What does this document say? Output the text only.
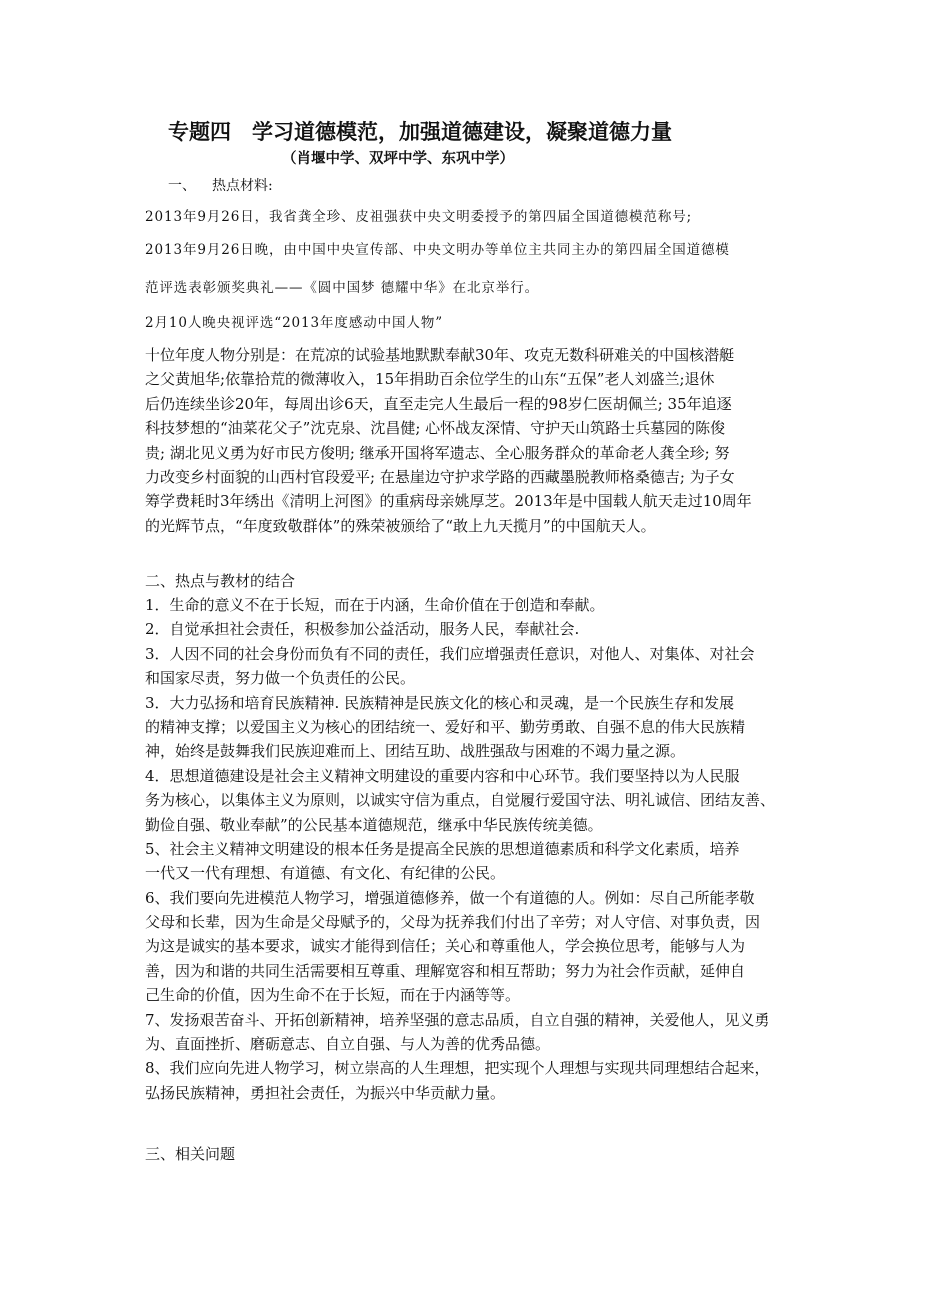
专题四　学习道德模范，加强道德建设，凝聚道德力量
（肖堰中学、双坪中学、东巩中学）
一、 热点材料:
2013年9月26日，我省龚全珍、皮祖强获中央文明委授予的第四届全国道德模范称号;
2013年9月26日晚，由中国中央宣传部、中央文明办等单位主共同主办的第四届全国道德模
范评选表彰颁奖典礼——《圆中国梦 德耀中华》在北京举行。
2月10人晚央视评选“2013年度感动中国人物”
十位年度人物分别是：在荒凉的试验基地默默奉献30年、攻克无数科研难关的中国核潜艇
之父黄旭华;依靠拾荒的微薄收入，15年捐助百余位学生的山东“五保”老人刘盛兰;退休
后仍连续坐诊20年，每周出诊6天，直至走完人生最后一程的98岁仁医胡佩兰; 35年追逐
科技梦想的“油菜花父子”沈克泉、沈昌健; 心怀战友深情、守护天山筑路士兵墓园的陈俊
贵; 湖北见义勇为好市民方俊明; 继承开国将军遗志、全心服务群众的革命老人龚全珍; 努
力改变乡村面貌的山西村官段爱平; 在悬崖边守护求学路的西藏墨脱教师格桑德吉; 为子女
筹学费耗时3年绣出《清明上河图》的重病母亲姚厚芝。2013年是中国载人航天走过10周年
的光辉节点，“年度致敬群体”的殊荣被颁给了“敢上九天揽月”的中国航天人。
二、热点与教材的结合
1．生命的意义不在于长短，而在于内涵，生命价值在于创造和奉献。
2．自觉承担社会责任，积极参加公益活动，服务人民，奉献社会.
3．人因不同的社会身份而负有不同的责任，我们应增强责任意识，对他人、对集体、对社会
和国家尽责，努力做一个负责任的公民。
3．大力弘扬和培育民族精神. 民族精神是民族文化的核心和灵魂，是一个民族生存和发展
的精神支撑；以爱国主义为核心的团结统一、爱好和平、勤劳勇敢、自强不息的伟大民族精
神，始终是鼓舞我们民族迎难而上、团结互助、战胜强敌与困难的不竭力量之源。
4．思想道德建设是社会主义精神文明建设的重要内容和中心环节。我们要坚持以为人民服
务为核心，以集体主义为原则，以诚实守信为重点，自觉履行爱国守法、明礼诚信、团结友善、
勤俭自强、敬业奉献”的公民基本道德规范，继承中华民族传统美德。
5、社会主义精神文明建设的根本任务是提高全民族的思想道德素质和科学文化素质，培养
一代又一代有理想、有道德、有文化、有纪律的公民。
6、我们要向先进模范人物学习，增强道德修养，做一个有道德的人。例如：尽自己所能孝敬
父母和长辈，因为生命是父母赋予的，父母为抚养我们付出了辛劳；对人守信、对事负责，因
为这是诚实的基本要求，诚实才能得到信任；关心和尊重他人，学会换位思考，能够与人为
善，因为和谐的共同生活需要相互尊重、理解宽容和相互帮助；努力为社会作贡献，延伸自
己生命的价值，因为生命不在于长短，而在于内涵等等。
7、发扬艰苦奋斗、开拓创新精神，培养坚强的意志品质，自立自强的精神，关爱他人，见义勇
为、直面挫折、磨砺意志、自立自强、与人为善的优秀品德。
8、我们应向先进人物学习，树立崇高的人生理想，把实现个人理想与实现共同理想结合起来，
弘扬民族精神，勇担社会责任，为振兴中华贡献力量。
三、相关问题
